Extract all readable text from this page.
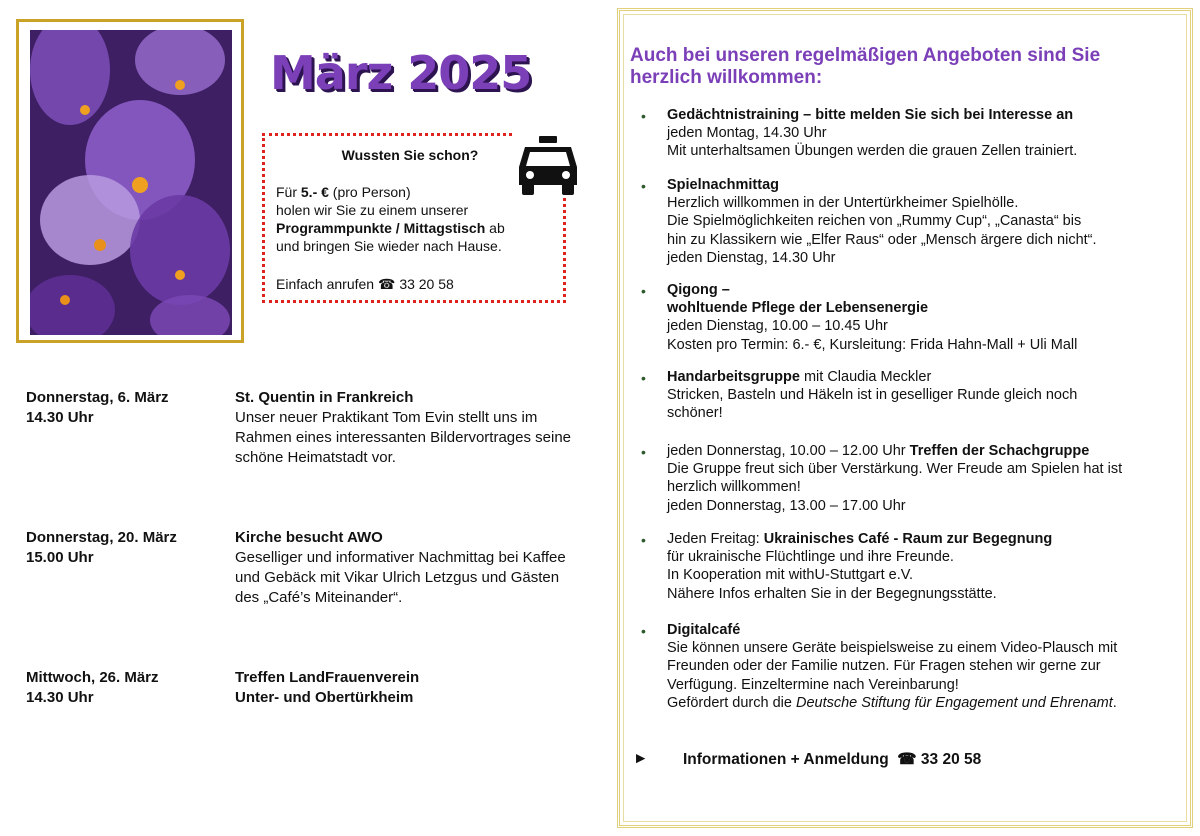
März 2025
Wussten Sie schon?
Für 5.- € (pro Person)
holen wir Sie zu einem unserer
Programmpunkte / Mittagstisch ab
und bringen Sie wieder nach Hause.
Einfach anrufen ☎ 33 20 58
Donnerstag, 6. März
14.30 Uhr
St. Quentin in Frankreich
Unser neuer Praktikant Tom Evin stellt uns im Rahmen eines interessanten Bildervortrages seine schöne Heimatstadt vor.
Donnerstag, 20. März
15.00 Uhr
Kirche besucht AWO
Geselliger und informativer Nachmittag bei Kaffee und Gebäck mit Vikar Ulrich Letzgus und Gästen des „Café’s Miteinander“.
Mittwoch, 26. März
14.30 Uhr
Treffen LandFrauenverein
Unter- und Obertürkheim
Auch bei unseren regelmäßigen Angeboten sind Sie herzlich willkommen:
• Gedächtnistraining – bitte melden Sie sich bei Interesse an
jeden Montag, 14.30 Uhr
Mit unterhaltsamen Übungen werden die grauen Zellen trainiert.
• Spielnachmittag
Herzlich willkommen in der Untertürkheimer Spielhölle.
Die Spielmöglichkeiten reichen von „Rummy Cup“, „Canasta“ bis
hin zu Klassikern wie „Elfer Raus“ oder „Mensch ärgere dich nicht“.
jeden Dienstag, 14.30 Uhr
• Qigong –
wohltuende Pflege der Lebensenergie
jeden Dienstag, 10.00 – 10.45 Uhr
Kosten pro Termin: 6.- €, Kursleitung: Frida Hahn-Mall + Uli Mall
• Handarbeitsgruppe mit Claudia Meckler
Stricken, Basteln und Häkeln ist in geselliger Runde gleich noch schöner!
• jeden Donnerstag, 10.00 – 12.00 Uhr Treffen der Schachgruppe
Die Gruppe freut sich über Verstärkung. Wer Freude am Spielen hat ist herzlich willkommen!
jeden Donnerstag, 13.00 – 17.00 Uhr
• Jeden Freitag: Ukrainisches Café - Raum zur Begegnung
für ukrainische Flüchtlinge und ihre Freunde.
In Kooperation mit withU-Stuttgart e.V.
Nähere Infos erhalten Sie in der Begegnungsstätte.
• Digitalcafé
Sie können unsere Geräte beispielsweise zu einem Video-Plausch mit Freunden oder der Familie nutzen. Für Fragen stehen wir gerne zur Verfügung. Einzeltermine nach Vereinbarung!
Gefördert durch die Deutsche Stiftung für Engagement und Ehrenamt.
► Informationen + Anmeldung ☎ 33 20 58
